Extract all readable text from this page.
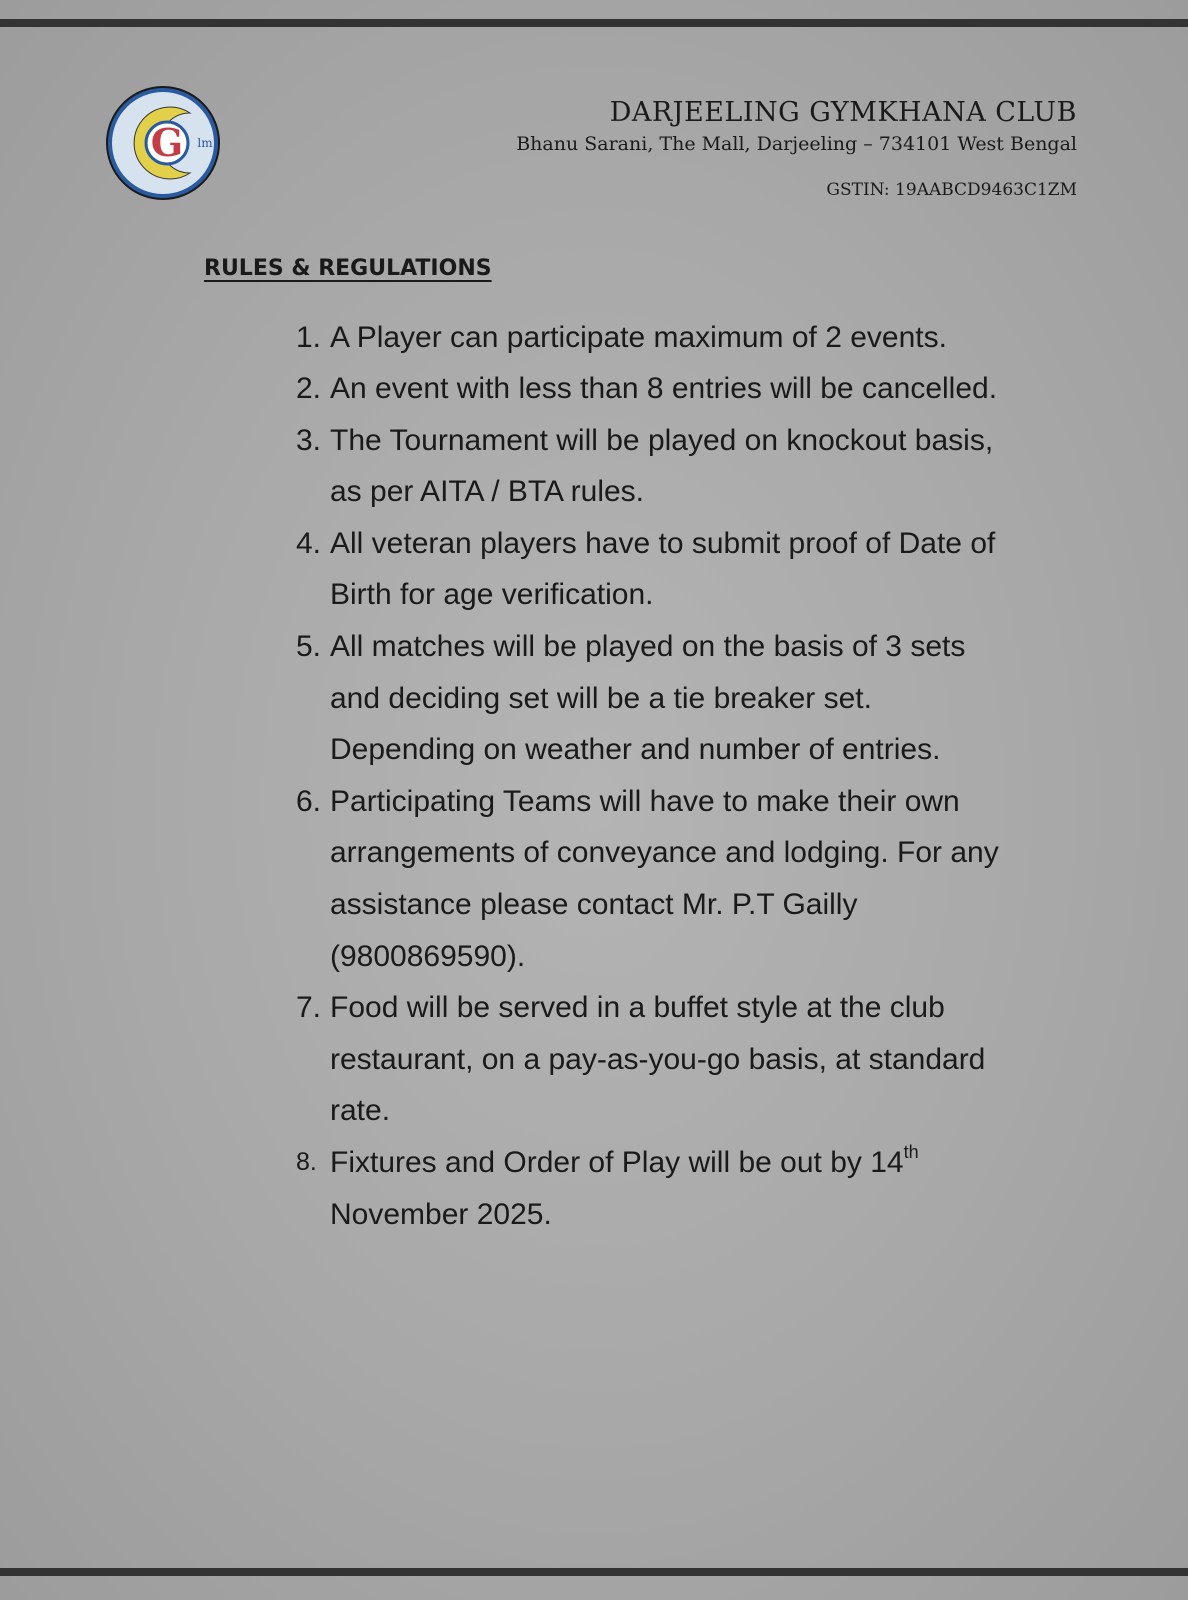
G lm
DARJEELING GYMKHANA CLUB
Bhanu Sarani, The Mall, Darjeeling – 734101 West Bengal
GSTIN: 19AABCD9463C1ZM
RULES & REGULATIONS
1. A Player can participate maximum of 2 events.
2. An event with less than 8 entries will be cancelled.
3. The Tournament will be played on knockout basis, as per AITA / BTA rules.
4. All veteran players have to submit proof of Date of Birth for age verification.
5. All matches will be played on the basis of 3 sets and deciding set will be a tie breaker set. Depending on weather and number of entries.
6. Participating Teams will have to make their own arrangements of conveyance and lodging. For any assistance please contact Mr. P.T Gailly (9800869590).
7. Food will be served in a buffet style at the club restaurant, on a pay-as-you-go basis, at standard rate.
8. Fixtures and Order of Play will be out by 14th November 2025.
